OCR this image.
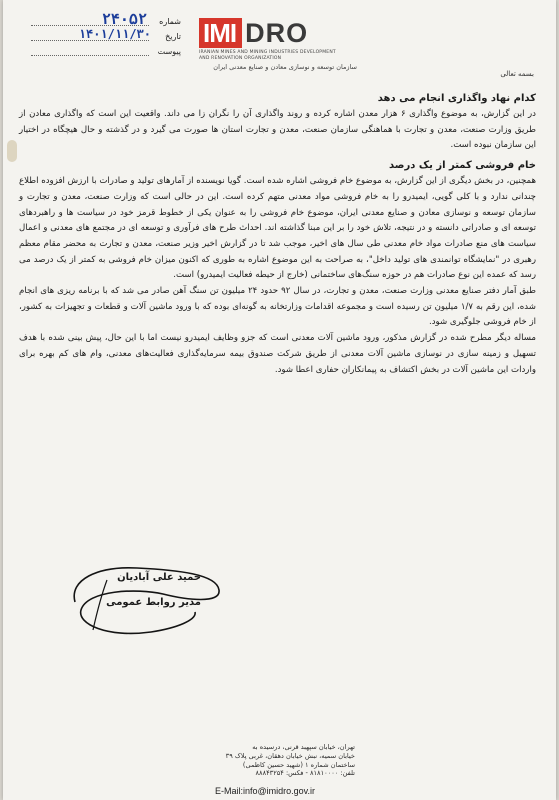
شماره
۲۴۰۵۲
تاریخ
۱۴۰۱/۱۱/۳۰
پیوست
IMI DRO
IRANIAN MINES AND MINING INDUSTRIES DEVELOPMENT
AND RENOVATION ORGANIZATION
سازمان توسعه و نوسازی معادن و صنایع معدنی ایران
بسمه تعالی
کدام نهاد واگذاری انجام می دهد

در این گزارش، به موضوع واگذاری ۶ هزار معدن اشاره کرده و روند واگذاری آن را نگران زا می داند. واقعیت این است که واگذاری معادن از طریق وزارت صنعت، معدن و تجارت با هماهنگی سازمان صنعت، معدن و تجارت استان ها صورت می گیرد و در گذشته و حال هیچگاه در اختیار این سازمان نبوده است.

خام فروشی کمتر از یک درصد

همچنین، در بخش دیگری از این گزارش، به موضوع خام فروشی اشاره شده است. گویا نویسنده از آمارهای تولید و صادرات با ارزش افزوده اطلاع چندانی ندارد و با کلی گویی، ایمیدرو را به خام فروشی مواد معدنی متهم کرده است. این در حالی است که وزارت صنعت، معدن و تجارت و سازمان توسعه و نوسازی معادن و صنایع معدنی ایران، موضوع خام فروشی را به عنوان یکی از خطوط قرمز خود در سیاست ها و راهبردهای توسعه ای و صادراتی دانسته و در نتیجه، تلاش خود را بر این مبنا گذاشته اند. احداث طرح های فرآوری و توسعه ای در مجتمع های معدنی و اعمال سیاست های منع صادرات مواد خام معدنی طی سال های اخیر، موجب شد تا در گزارش اخیر وزیر صنعت، معدن و تجارت به محضر مقام معظم رهبری در "نمایشگاه توانمندی های تولید داخل"، به صراحت به این موضوع اشاره به طوری که اکنون میزان خام فروشی به کمتر از یک درصد می رسد که عمده این نوع صادرات هم در حوزه سنگ‌های ساختمانی (خارج از حیطه فعالیت ایمیدرو) است.

طبق آمار دفتر صنایع معدنی وزارت صنعت، معدن و تجارت، در سال ۹۲ حدود ۲۴ میلیون تن سنگ آهن صادر می شد که با برنامه ریزی های انجام شده، این رقم به ۱/۷ میلیون تن رسیده است و مجموعه اقدامات وزارتخانه به گونه‌ای بوده که با ورود ماشین آلات و قطعات و تجهیزات به کشور، از خام فروشی جلوگیری شود.

مساله دیگر مطرح شده در گزارش مذکور، ورود ماشین آلات معدنی است که جزو وظایف ایمیدرو نیست اما با این حال، پیش بینی شده با هدف تسهیل و زمینه سازی در نوسازی ماشین آلات معدنی از طریق شرکت صندوق بیمه سرمایه‌گذاری فعالیت‌های معدنی، وام های کم بهره برای واردات این ماشین آلات در بخش اکتشاف به پیمانکاران حفاری اعطا شود.

حمید علی آبادیان
مدیر روابط عمومی
تهران، خیابان سپهبد قرنی، درسیده به
خیابان سمیه، نبش خیابان دهقان، غربی پلاک ۳۹
ساختمان شماره ۱ (شهید حسین کاظمی)
تلفن: ۸۱۸۱۰۰۰۰ - فکس: ۸۸۸۴۳۲۵۴
E-Mail:info@imidro.gov.ir
